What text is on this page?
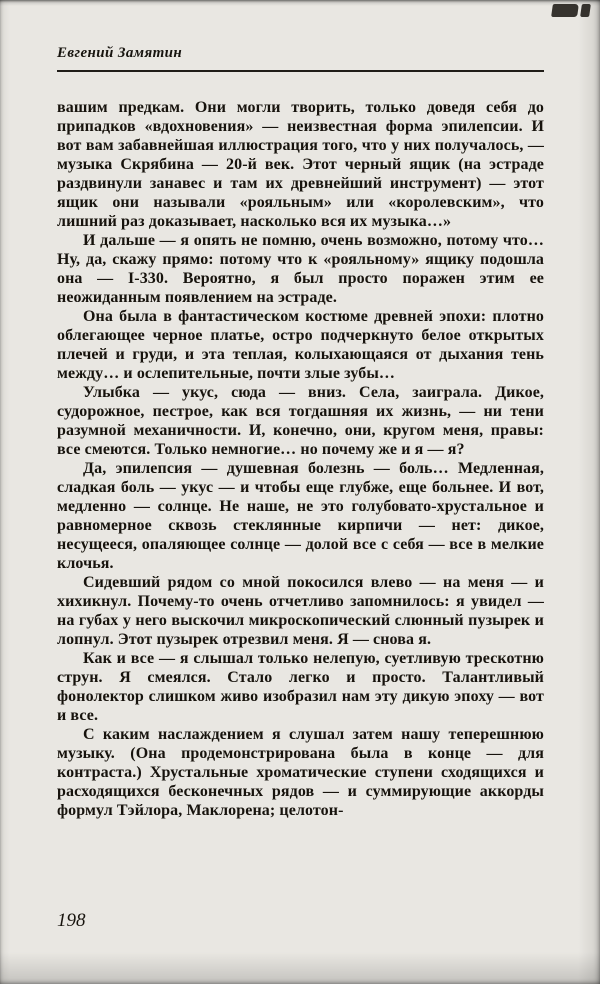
Евгений Замятин

вашим предкам. Они могли творить, только доведя себя до припадков «вдохновения» — неизвестная форма эпилепсии. И вот вам забавнейшая иллюстрация того, что у них получалось, — музыка Скрябина — 20-й век. Этот черный ящик (на эстраде раздвинули занавес и там их древнейший инструмент) — этот ящик они называли «рояльным» или «королевским», что лишний раз доказывает, насколько вся их музыка…»

И дальше — я опять не помню, очень возможно, потому что… Ну, да, скажу прямо: потому что к «рояльному» ящику подошла она — I-330. Вероятно, я был просто поражен этим ее неожиданным появлением на эстраде.

Она была в фантастическом костюме древней эпохи: плотно облегающее черное платье, остро подчеркнуто белое открытых плечей и груди, и эта теплая, колыхающаяся от дыхания тень между… и ослепительные, почти злые зубы…

Улыбка — укус, сюда — вниз. Села, заиграла. Дикое, судорожное, пестрое, как вся тогдашняя их жизнь, — ни тени разумной механичности. И, конечно, они, кругом меня, правы: все смеются. Только немногие… но почему же и я — я?

Да, эпилепсия — душевная болезнь — боль… Медленная, сладкая боль — укус — и чтобы еще глубже, еще больнее. И вот, медленно — солнце. Не наше, не это голубовато-хрустальное и равномерное сквозь стеклянные кирпичи — нет: дикое, несущееся, опаляющее солнце — долой все с себя — все в мелкие клочья.

Сидевший рядом со мной покосился влево — на меня — и хихикнул. Почему-то очень отчетливо запомнилось: я увидел — на губах у него выскочил микроскопический слюнный пузырек и лопнул. Этот пузырек отрезвил меня. Я — снова я.

Как и все — я слышал только нелепую, суетливую трескотню струн. Я смеялся. Стало легко и просто. Талантливый фонолектор слишком живо изобразил нам эту дикую эпоху — вот и все.

С каким наслаждением я слушал затем нашу теперешнюю музыку. (Она продемонстрирована была в конце — для контраста.) Хрустальные хроматические ступени сходящихся и расходящихся бесконечных рядов — и суммирующие аккорды формул Тэйлора, Маклорена; целотон-

198
